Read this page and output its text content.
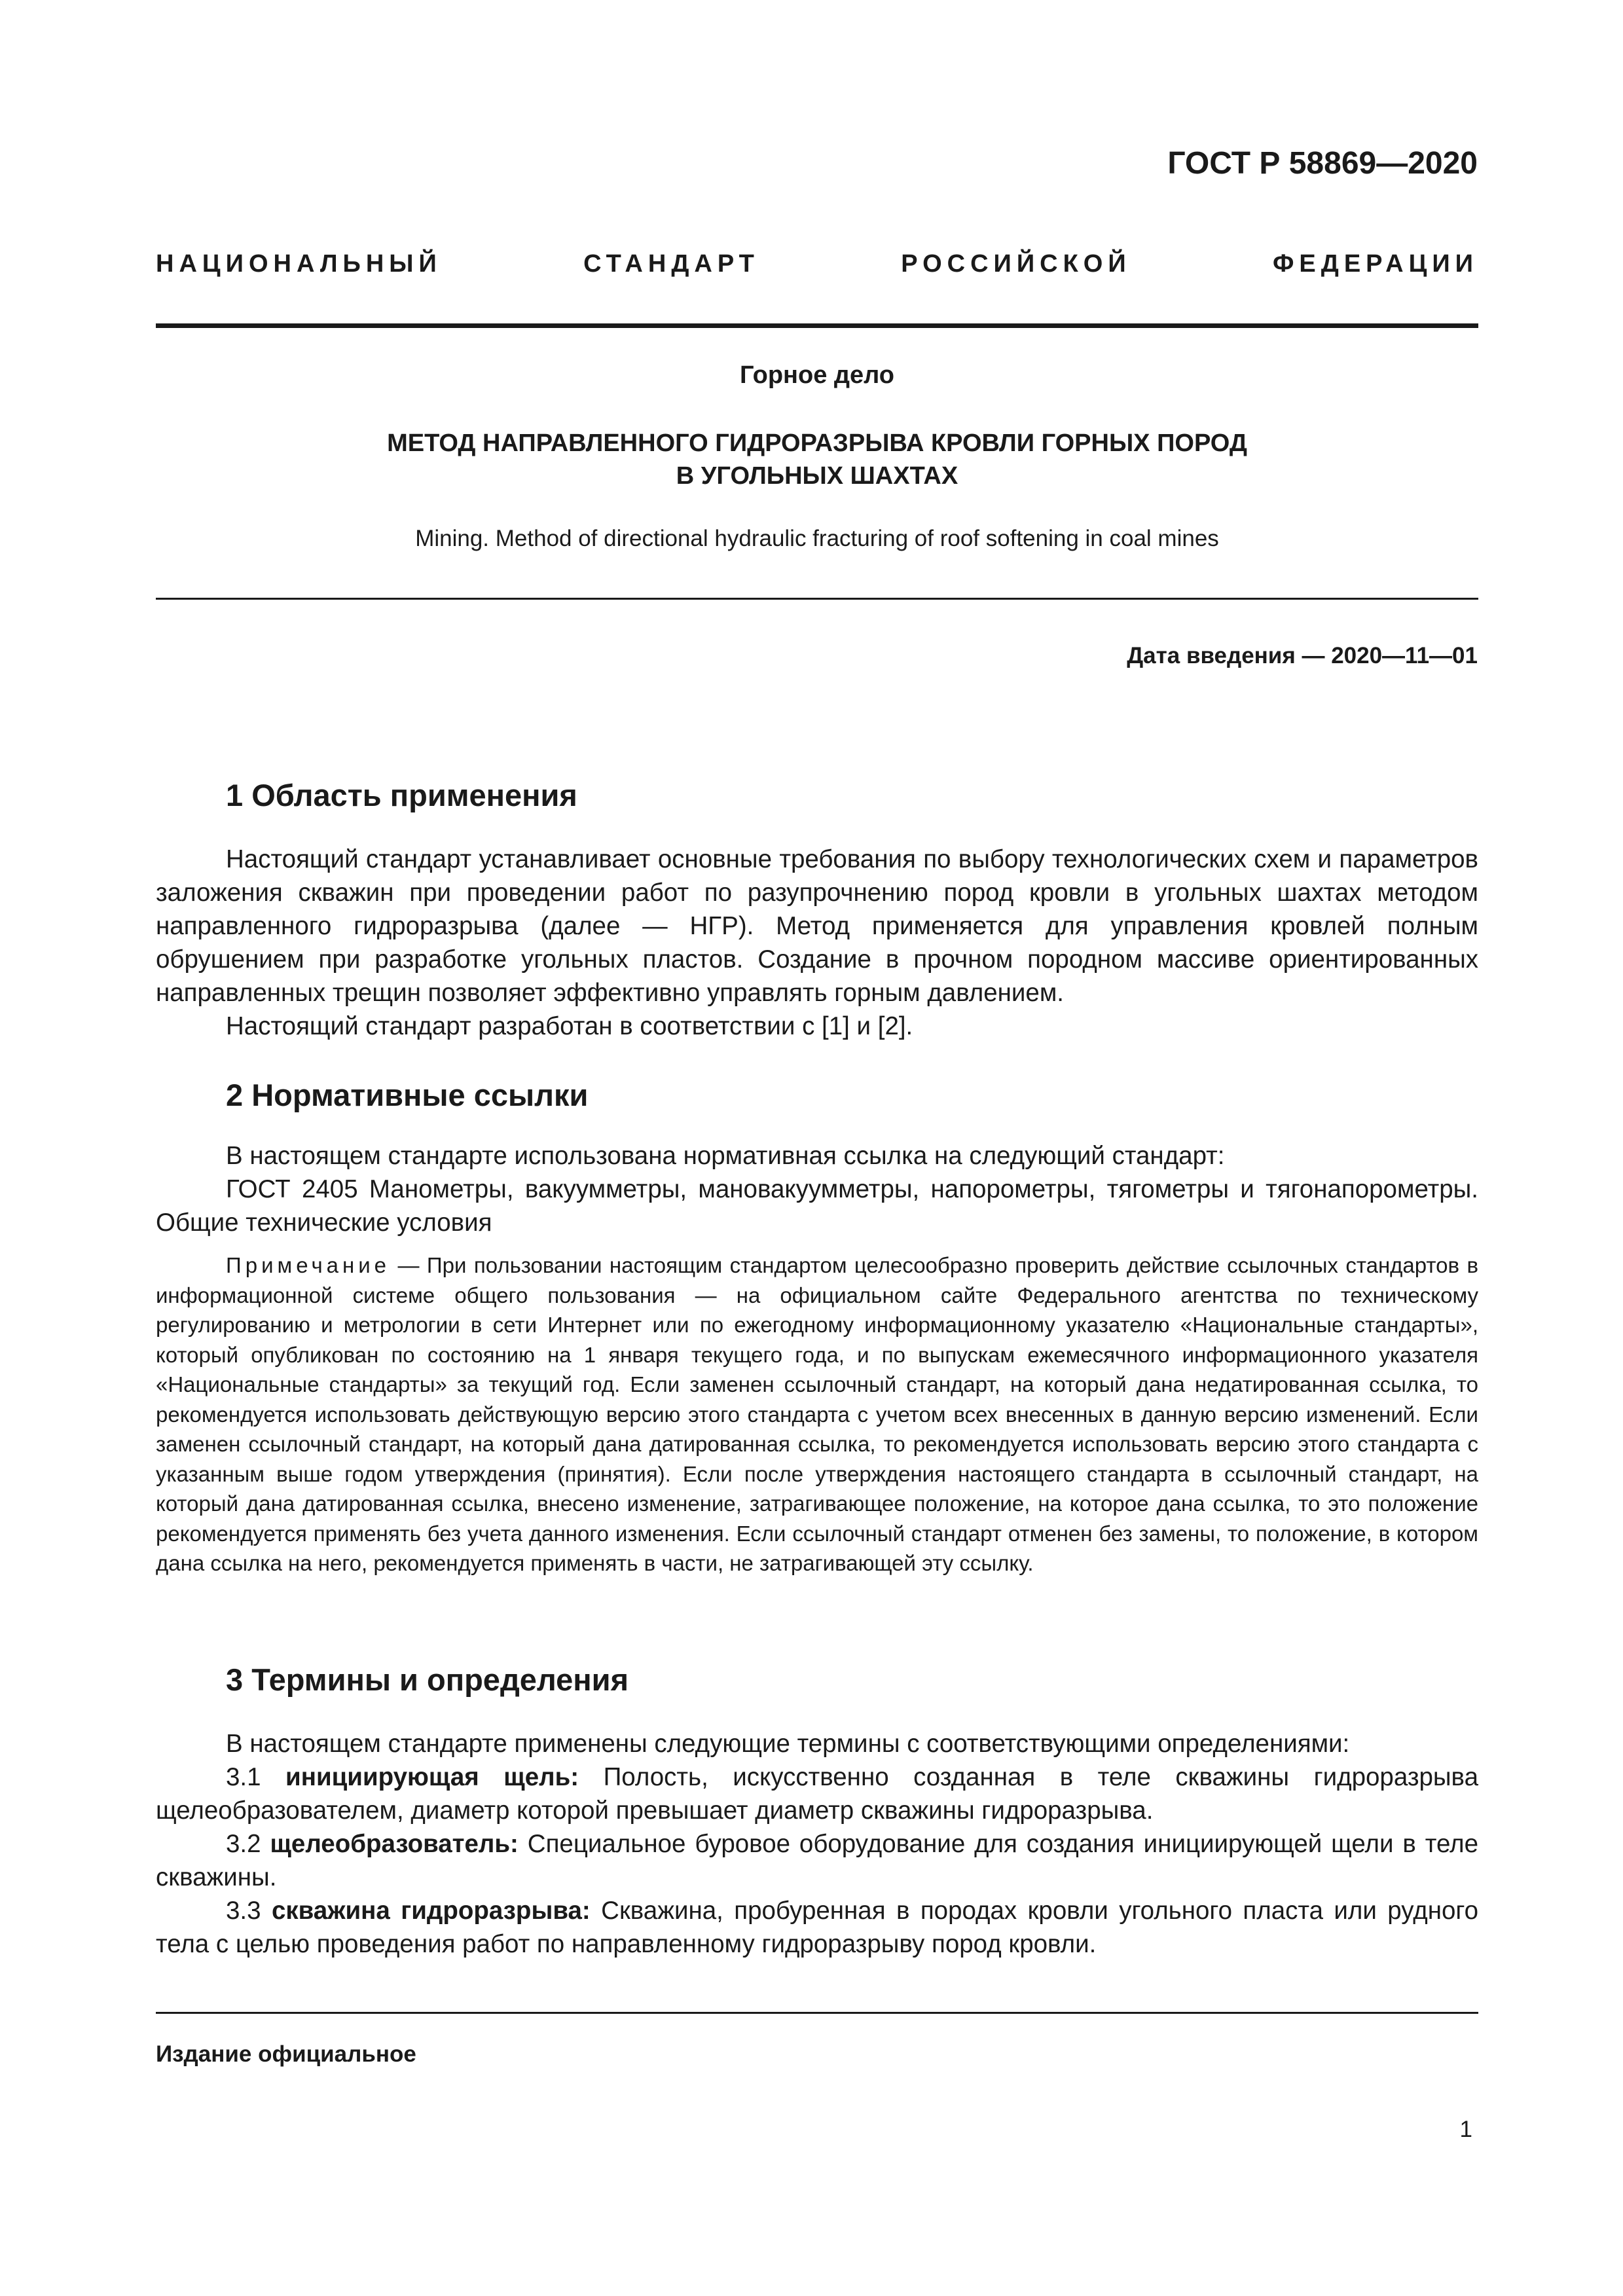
ГОСТ Р 58869—2020
НАЦИОНАЛЬНЫЙ СТАНДАРТ РОССИЙСКОЙ ФЕДЕРАЦИИ
Горное дело
МЕТОД НАПРАВЛЕННОГО ГИДРОРАЗРЫВА КРОВЛИ ГОРНЫХ ПОРОД
В УГОЛЬНЫХ ШАХТАХ
Mining. Method of directional hydraulic fracturing of roof softening in coal mines
Дата введения — 2020—11—01
1 Область применения

Настоящий стандарт устанавливает основные требования по выбору технологических схем и параметров заложения скважин при проведении работ по разупрочнению пород кровли в угольных шахтах методом направленного гидроразрыва (далее — НГР). Метод применяется для управления кровлей полным обрушением при разработке угольных пластов. Создание в прочном породном массиве ориентированных направленных трещин позволяет эффективно управлять горным давлением.

Настоящий стандарт разработан в соответствии с [1] и [2].

2 Нормативные ссылки

В настоящем стандарте использована нормативная ссылка на следующий стандарт:

ГОСТ 2405 Манометры, вакуумметры, мановакуумметры, напорометры, тягометры и тягонапорометры. Общие технические условия

Примечание — При пользовании настоящим стандартом целесообразно проверить действие ссылочных стандартов в информационной системе общего пользования — на официальном сайте Федерального агентства по техническому регулированию и метрологии в сети Интернет или по ежегодному информационному указателю «Национальные стандарты», который опубликован по состоянию на 1 января текущего года, и по выпускам ежемесячного информационного указателя «Национальные стандарты» за текущий год. Если заменен ссылочный стандарт, на который дана недатированная ссылка, то рекомендуется использовать действующую версию этого стандарта с учетом всех внесенных в данную версию изменений. Если заменен ссылочный стандарт, на который дана датированная ссылка, то рекомендуется использовать версию этого стандарта с указанным выше годом утверждения (принятия). Если после утверждения настоящего стандарта в ссылочный стандарт, на который дана датированная ссылка, внесено изменение, затрагивающее положение, на которое дана ссылка, то это положение рекомендуется применять без учета данного изменения. Если ссылочный стандарт отменен без замены, то положение, в котором дана ссылка на него, рекомендуется применять в части, не затрагивающей эту ссылку.
3 Термины и определения

В настоящем стандарте применены следующие термины с соответствующими определениями:

3.1 инициирующая щель: Полость, искусственно созданная в теле скважины гидроразрыва щелеобразователем, диаметр которой превышает диаметр скважины гидроразрыва.

3.2 щелеобразователь: Специальное буровое оборудование для создания инициирующей щели в теле скважины.

3.3 скважина гидроразрыва: Скважина, пробуренная в породах кровли угольного пласта или рудного тела с целью проведения работ по направленному гидроразрыву пород кровли.

Издание официальное
1
